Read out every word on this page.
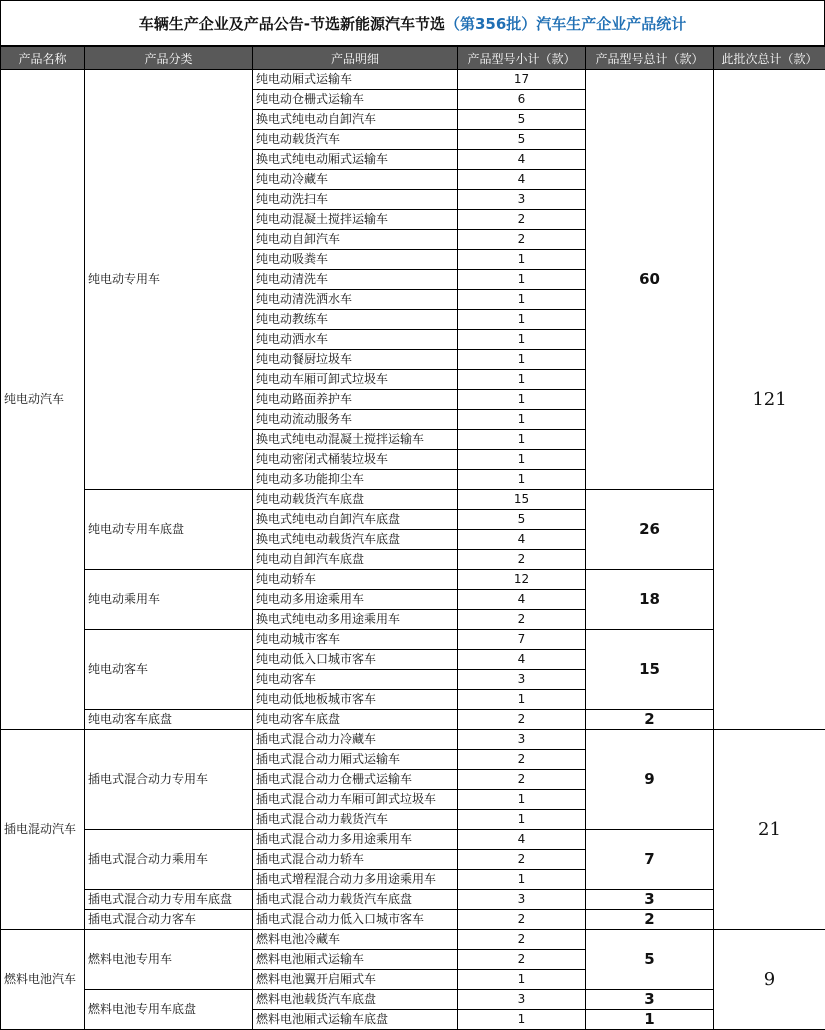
车辆生产企业及产品公告-节选新能源汽车节选（第356批）汽车生产企业产品统计
产品名称	产品分类	产品明细	产品型号小计（款）	产品型号总计（款）	此批次总计（款）
纯电动汽车	纯电动专用车	纯电动厢式运输车	17	60	121
		纯电动仓栅式运输车	6		
		换电式纯电动自卸汽车	5		
		纯电动载货汽车	5		
		换电式纯电动厢式运输车	4		
		纯电动冷藏车	4		
		纯电动洗扫车	3		
		纯电动混凝土搅拌运输车	2		
		纯电动自卸汽车	2		
		纯电动吸粪车	1		
		纯电动清洗车	1		
		纯电动清洗洒水车	1		
		纯电动教练车	1		
		纯电动洒水车	1		
		纯电动餐厨垃圾车	1		
		纯电动车厢可卸式垃圾车	1		
		纯电动路面养护车	1		
		纯电动流动服务车	1		
		换电式纯电动混凝土搅拌运输车	1		
		纯电动密闭式桶装垃圾车	1		
		纯电动多功能抑尘车	1		
	纯电动专用车底盘	纯电动载货汽车底盘	15	26	
		换电式纯电动自卸汽车底盘	5		
		换电式纯电动载货汽车底盘	4		
		纯电动自卸汽车底盘	2		
	纯电动乘用车	纯电动轿车	12	18	
		纯电动多用途乘用车	4		
		换电式纯电动多用途乘用车	2		
	纯电动客车	纯电动城市客车	7	15	
		纯电动低入口城市客车	4		
		纯电动客车	3		
		纯电动低地板城市客车	1		
	纯电动客车底盘	纯电动客车底盘	2	2	
插电混动汽车	插电式混合动力专用车	插电式混合动力冷藏车	3	9	21
		插电式混合动力厢式运输车	2		
		插电式混合动力仓栅式运输车	2		
		插电式混合动力车厢可卸式垃圾车	1		
		插电式混合动力载货汽车	1		
	插电式混合动力乘用车	插电式混合动力多用途乘用车	4	7	
		插电式混合动力轿车	2		
		插电式增程混合动力多用途乘用车	1		
	插电式混合动力专用车底盘	插电式混合动力载货汽车底盘	3	3	
	插电式混合动力客车	插电式混合动力低入口城市客车	2	2	
燃料电池汽车	燃料电池专用车	燃料电池冷藏车	2	5	9
		燃料电池厢式运输车	2		
		燃料电池翼开启厢式车	1		
	燃料电池专用车底盘	燃料电池载货汽车底盘	3	3	
		燃料电池厢式运输车底盘	1	1	
